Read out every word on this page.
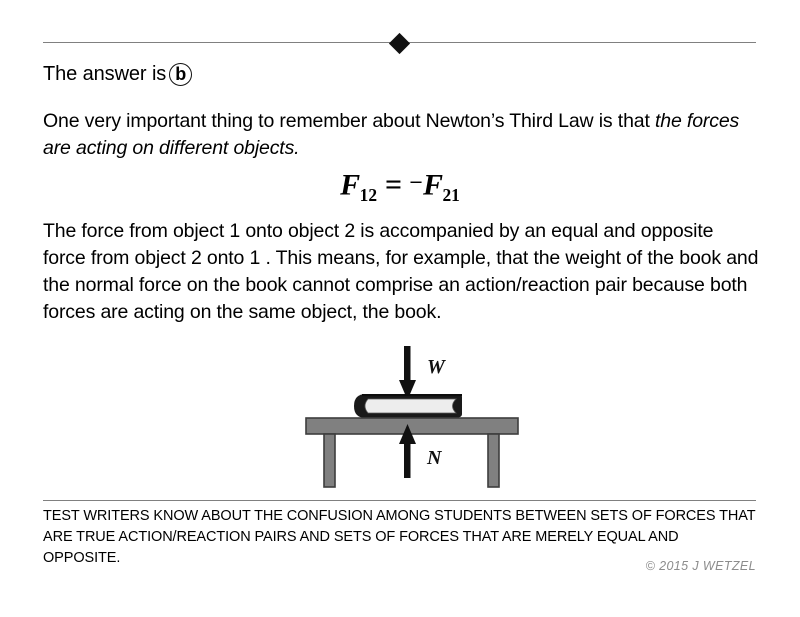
The answer is b
One very important thing to remember about Newton’s Third Law is that the forces are acting on different objects.
$F_{12} = ^-F_{21}$
The force from object 1 onto object 2 is accompanied by an equal and opposite force from object 2 onto 1 . This means, for example, that the weight of the book and the normal force on the book cannot comprise an action/reaction pair because both forces are acting on the same object, the book.
W
N
TEST WRITERS KNOW ABOUT THE CONFUSION AMONG STUDENTS BETWEEN SETS OF FORCES THAT ARE TRUE ACTION/REACTION PAIRS AND SETS OF FORCES THAT ARE MERELY EQUAL AND OPPOSITE.	© 2015 J WETZEL
